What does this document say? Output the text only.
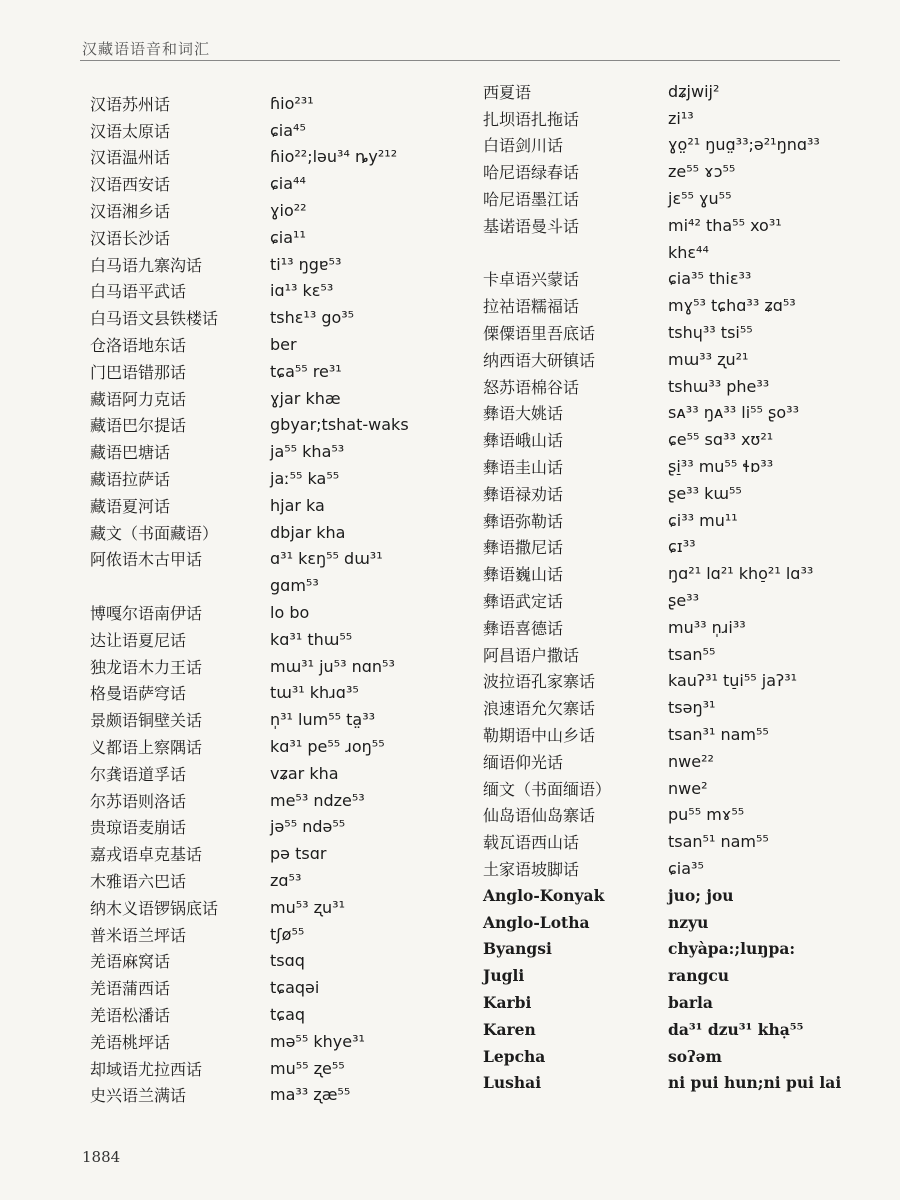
汉藏语语音和词汇
汉语苏州话	ɦio²³¹
汉语太原话	ɕia⁴⁵
汉语温州话	ɦio²²;ləu³⁴ ȵy²¹²
汉语西安话	ɕia⁴⁴
汉语湘乡话	ɣio²²
汉语长沙话	ɕia¹¹
白马语九寨沟话	ti¹³ ŋgɐ⁵³
白马语平武话	iɑ¹³ kɛ⁵³
白马语文县铁楼话	tshɛ¹³ go³⁵
仓洛语地东话	ber
门巴语错那话	tɕa⁵⁵ re³¹
藏语阿力克话	ɣjar khæ
藏语巴尔提话	gbyar;tshat-waks
藏语巴塘话	ja⁵⁵ kha⁵³
藏语拉萨话	jaː⁵⁵ ka⁵⁵
藏语夏河话	hjar ka
藏文（书面藏语）	dbjar kha
阿侬语木古甲话	ɑ³¹ kɛŋ⁵⁵ dɯ³¹
gɑm⁵³
博嘎尔语南伊话	lo bo
达让语夏尼话	kɑ³¹ thɯ⁵⁵
独龙语木力王话	mɯ³¹ ju⁵³ nɑn⁵³
格曼语萨穹话	tɯ³¹ khɹɑ³⁵
景颇语铜壁关话	n̩³¹ lum⁵⁵ ta̤³³
义都语上察隅话	kɑ³¹ pe⁵⁵ ɹoŋ⁵⁵
尔龚语道孚话	vʑar kha
尔苏语则洛话	me⁵³ ndze⁵³
贵琼语麦崩话	jə⁵⁵ ndə⁵⁵
嘉戎语卓克基话	pə tsɑr
木雅语六巴话	zɑ⁵³
纳木义语锣锅底话	mu⁵³ ʐu³¹
普米语兰坪话	tʃø⁵⁵
羌语麻窝话	tsɑq
羌语蒲西话	tɕaqəi
羌语松潘话	tɕaq
羌语桃坪话	mə⁵⁵ khye³¹
却域语尤拉西话	mu⁵⁵ ʐe⁵⁵
史兴语兰满话	ma³³ ʐæ⁵⁵
西夏语	dʑjwij²
扎坝语扎拖话	zi¹³
白语剑川话	ɣo̤²¹ ŋuɑ̤³³;ə²¹ŋnɑ³³
哈尼语绿春话	ze⁵⁵ ɤɔ⁵⁵
哈尼语墨江话	jɛ⁵⁵ ɣu⁵⁵
基诺语曼斗话	mi⁴² tha⁵⁵ xo³¹
khɛ⁴⁴
卡卓语兴蒙话	ɕia³⁵ thiɛ³³
拉祜语糯福话	mɣ⁵³ tɕhɑ³³ ʑɑ⁵³
傈僳语里吾底话	tshɥ³³ tsi⁵⁵
纳西语大研镇话	mɯ³³ ʐu²¹
怒苏语棉谷话	tshɯ³³ phe³³
彝语大姚话	sᴀ³³ ŋᴀ³³ li⁵⁵ ʂo³³
彝语峨山话	ɕe⁵⁵ sɑ³³ xʊ²¹
彝语圭山话	ʂi̠³³ mu⁵⁵ ɬɒ³³
彝语禄劝话	ʂe³³ kɯ⁵⁵
彝语弥勒话	ɕi³³ mu¹¹
彝语撒尼话	ɕɪ³³
彝语巍山话	ŋɑ²¹ lɑ²¹ kho̠²¹ lɑ³³
彝语武定话	ʂe³³
彝语喜德话	mu³³ n̩ɹi³³
阿昌语户撒话	tsan⁵⁵
波拉语孔家寨话	kauʔ³¹ tu̠i⁵⁵ jaʔ³¹
浪速语允欠寨话	tsəŋ³¹
勒期语中山乡话	tsan³¹ nam⁵⁵
缅语仰光话	nwe²²
缅文（书面缅语）	nwe²
仙岛语仙岛寨话	pu⁵⁵ mɤ⁵⁵
载瓦语西山话	tsan⁵¹ nam⁵⁵
土家语坡脚话	ɕia³⁵
Anglo-Konyak	juo; jou
Anglo-Lotha	nzyu
Byangsi	chyàpa:;luŋpa:
Jugli	rangcu
Karbi	barla
Karen	da³¹ dzu³¹ khạ⁵⁵
Lepcha	soʔəm
Lushai	ni pui hun;ni pui lai
1884
